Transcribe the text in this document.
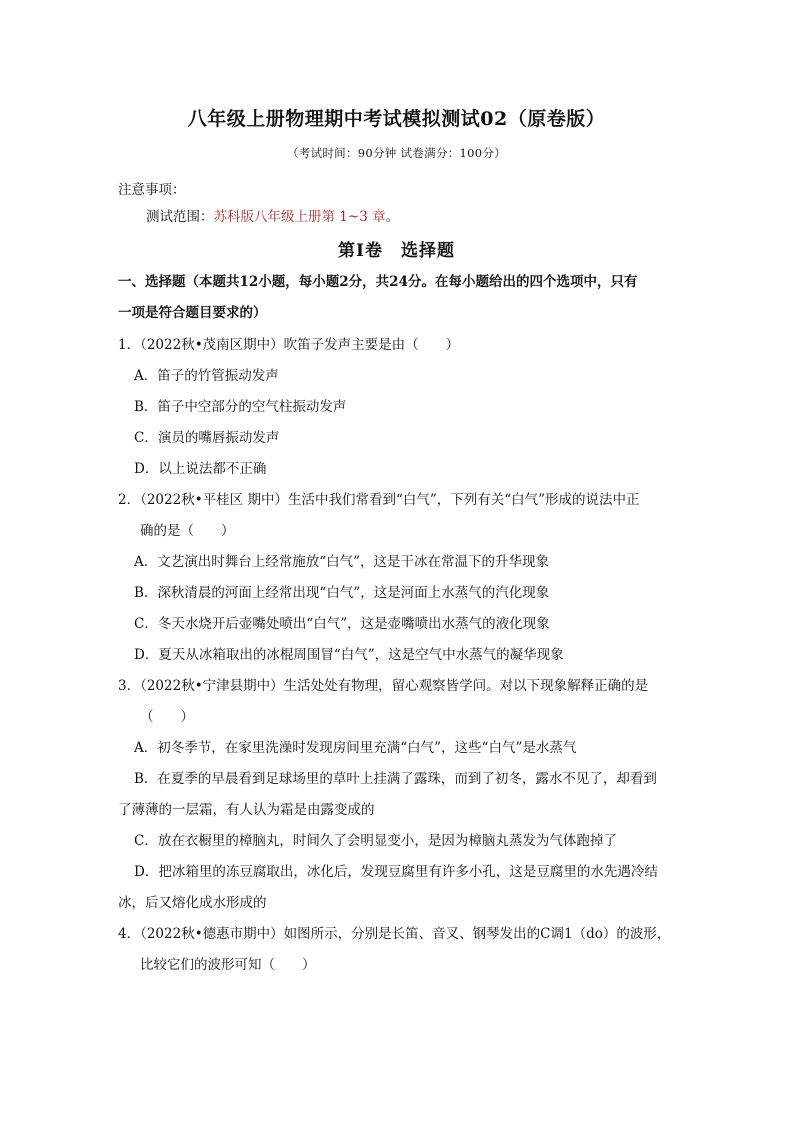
八年级上册物理期中考试模拟测试02（原卷版）
（考试时间：90分钟 试卷满分：100分）
注意事项：
测试范围：苏科版八年级上册第 1~3 章。
第Ⅰ卷 选择题
一、选择题（本题共12小题，每小题2分，共24分。在每小题给出的四个选项中，只有
一项是符合题目要求的）
1．（2022秋•茂南区期中）吹笛子发声主要是由（　　）
A．笛子的竹管振动发声
B．笛子中空部分的空气柱振动发声
C．演员的嘴唇振动发声
D．以上说法都不正确
2．（2022秋•平桂区 期中）生活中我们常看到“白气”，下列有关“白气”形成的说法中正
确的是（　　）
A．文艺演出时舞台上经常施放“白气”，这是干冰在常温下的升华现象
B．深秋清晨的河面上经常出现“白气”，这是河面上水蒸气的汽化现象
C．冬天水烧开后壶嘴处喷出“白气”，这是壶嘴喷出水蒸气的液化现象
D．夏天从冰箱取出的冰棍周围冒“白气”，这是空气中水蒸气的凝华现象
3．（2022秋•宁津县期中）生活处处有物理，留心观察皆学问。对以下现象解释正确的是
（　　）
A．初冬季节，在家里洗澡时发现房间里充满“白气”，这些“白气”是水蒸气
B．在夏季的早晨看到足球场里的草叶上挂满了露珠，而到了初冬，露水不见了，却看到
了薄薄的一层霜，有人认为霜是由露变成的
C．放在衣橱里的樟脑丸，时间久了会明显变小，是因为樟脑丸蒸发为气体跑掉了
D．把冰箱里的冻豆腐取出，冰化后，发现豆腐里有许多小孔，这是豆腐里的水先遇冷结
冰，后又熔化成水形成的
4．（2022秋•德惠市期中）如图所示，分别是长笛、音叉、钢琴发出的C调1（do）的波形，
比较它们的波形可知（　　）
